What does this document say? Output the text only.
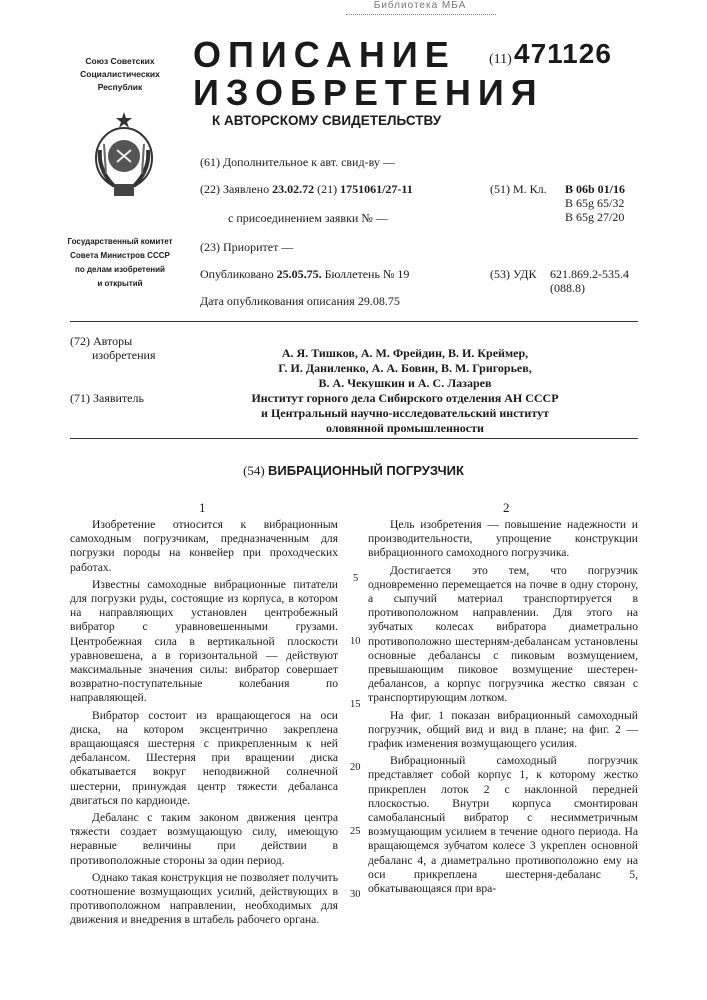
Библиотека МБА
Союз Советских
Социалистических
Республик
Государственный комитет
Совета Министров СССР
по делам изобретений
и открытий
ОПИСАНИЕ
ИЗОБРЕТЕНИЯ
К АВТОРСКОМУ СВИДЕТЕЛЬСТВУ
(11) 471126
(61) Дополнительное к авт. свид-ву —
(22) Заявлено 23.02.72 (21) 1751061/27-11
с присоединением заявки № —
(23) Приоритет —
Опубликовано 25.05.75. Бюллетень № 19
Дата опубликования описания 29.08.75
(51) М. Кл. В 06b 01/16
В 65g 65/32
В 65g 27/20
(53) УДК 621.869.2-535.4
(088.8)
(72) Авторы
изобретения	А. Я. Тишков, А. М. Фрейдин, В. И. Креймер,
Г. И. Даниленко, А. А. Бовин, В. М. Григорьев,
В. А. Чекушкин и А. С. Лазарев
(71) Заявитель	Институт горного дела Сибирского отделения АН СССР
и Центральный научно-исследовательский институт
оловянной промышленности
(54) ВИБРАЦИОННЫЙ ПОГРУЗЧИК
1	2
5
10
15
20
25
30

Изобретение относится к вибрационным самоходным погрузчикам, предназначенным для погрузки породы на конвейер при проходческих работах.

Известны самоходные вибрационные питатели для погрузки руды, состоящие из корпуса, в котором на направляющих установлен центробежный вибратор с уравновешенными грузами. Центробежная сила в вертикальной плоскости уравновешена, а в горизонтальной — действуют максимальные значения силы: вибратор совершает возвратно-поступательные колебания по направляющей.

Вибратор состоит из вращающегося на оси диска, на котором эксцентрично закреплена вращающаяся шестерня с прикрепленным к ней дебалансом. Шестерня при вращении диска обкатывается вокруг неподвижной солнечной шестерни, принуждая центр тяжести дебаланса двигаться по кардиоиде.

Дебаланс с таким законом движения центра тяжести создает возмущающую силу, имеющую неравные величины при действии в противоположные стороны за один период.

Однако такая конструкция не позволяет получить соотношение возмущающих усилий, действующих в противоположном направлении, необходимых для движения и внедрения в штабель рабочего органа.

Цель изобретения — повышение надежности и производительности, упрощение конструкции вибрационного самоходного погрузчика.

Достигается это тем, что погрузчик одновременно перемещается на почве в одну сторону, а сыпучий материал транспортируется в противоположном направлении. Для этого на зубчатых колесах вибратора диаметрально противоположно шестерням-дебалансам установлены основные дебалансы с пиковым возмущением, превышающим пиковое возмущение шестерен-дебалансов, а корпус погрузчика жестко связан с транспортирующим лотком.

На фиг. 1 показан вибрационный самоходный погрузчик, общий вид и вид в плане; на фиг. 2 — график изменения возмущающего усилия.

Вибрационный самоходный погрузчик представляет собой корпус 1, к которому жестко прикреплен лоток 2 с наклонной передней плоскостью. Внутри корпуса смонтирован самобалансный вибратор с несимметричным возмущающим усилием в течение одного периода. На вращающемся зубчатом колесе 3 укреплен основной дебаланс 4, а диаметрально противоположно ему на оси прикреплена шестерня-дебаланс 5, обкатывающаяся при вра-
